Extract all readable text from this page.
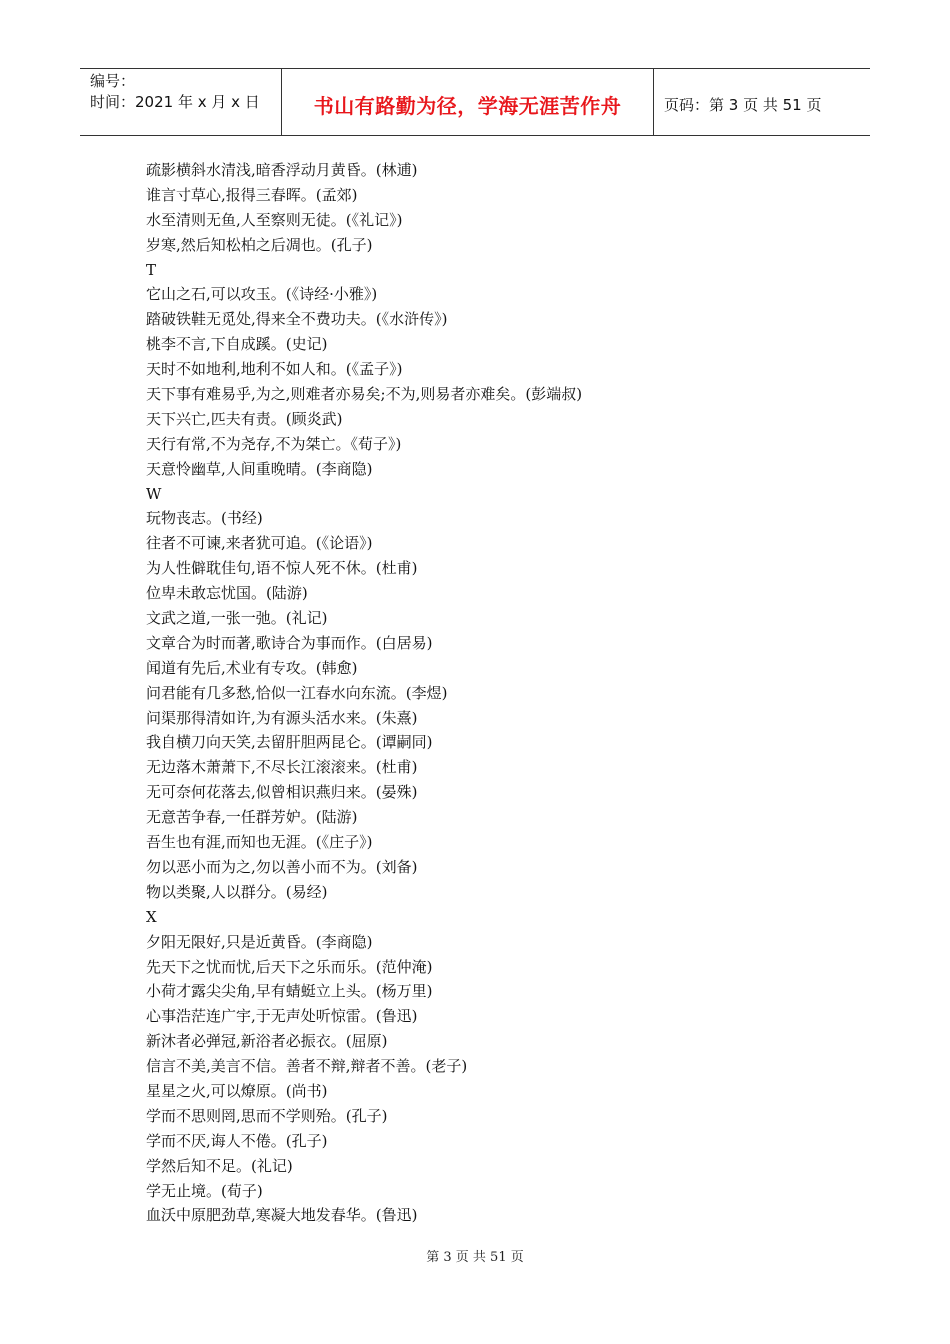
编号：
时间：2021 年 x 月 x 日	书山有路勤为径，学海无涯苦作舟	页码：第 3 页 共 51 页
疏影横斜水清浅,暗香浮动月黄昏。(林逋)
谁言寸草心,报得三春晖。(孟郊)
水至清则无鱼,人至察则无徒。(《礼记》)
岁寒,然后知松柏之后凋也。(孔子)
T
它山之石,可以攻玉。(《诗经·小雅》)
踏破铁鞋无觅处,得来全不费功夫。(《水浒传》)
桃李不言,下自成蹊。(史记)
天时不如地利,地利不如人和。(《孟子》)
天下事有难易乎,为之,则难者亦易矣;不为,则易者亦难矣。(彭端叔)
天下兴亡,匹夫有责。(顾炎武)
天行有常,不为尧存,不为桀亡。《荀子》)
天意怜幽草,人间重晚晴。(李商隐)
W
玩物丧志。(书经)
往者不可谏,来者犹可追。(《论语》)
为人性僻耽佳句,语不惊人死不休。(杜甫)
位卑未敢忘忧国。(陆游)
文武之道,一张一弛。(礼记)
文章合为时而著,歌诗合为事而作。(白居易)
闻道有先后,术业有专攻。(韩愈)
问君能有几多愁,恰似一江春水向东流。(李煜)
问渠那得清如许,为有源头活水来。(朱熹)
我自横刀向天笑,去留肝胆两昆仑。(谭嗣同)
无边落木萧萧下,不尽长江滚滚来。(杜甫)
无可奈何花落去,似曾相识燕归来。(晏殊)
无意苦争春,一任群芳妒。(陆游)
吾生也有涯,而知也无涯。(《庄子》)
勿以恶小而为之,勿以善小而不为。(刘备)
物以类聚,人以群分。(易经)
X
夕阳无限好,只是近黄昏。(李商隐)
先天下之忧而忧,后天下之乐而乐。(范仲淹)
小荷才露尖尖角,早有蜻蜓立上头。(杨万里)
心事浩茫连广宇,于无声处听惊雷。(鲁迅)
新沐者必弹冠,新浴者必振衣。(屈原)
信言不美,美言不信。善者不辩,辩者不善。(老子)
星星之火,可以燎原。(尚书)
学而不思则罔,思而不学则殆。(孔子)
学而不厌,诲人不倦。(孔子)
学然后知不足。(礼记)
学无止境。(荀子)
血沃中原肥劲草,寒凝大地发春华。(鲁迅)
第 3 页 共 51 页
